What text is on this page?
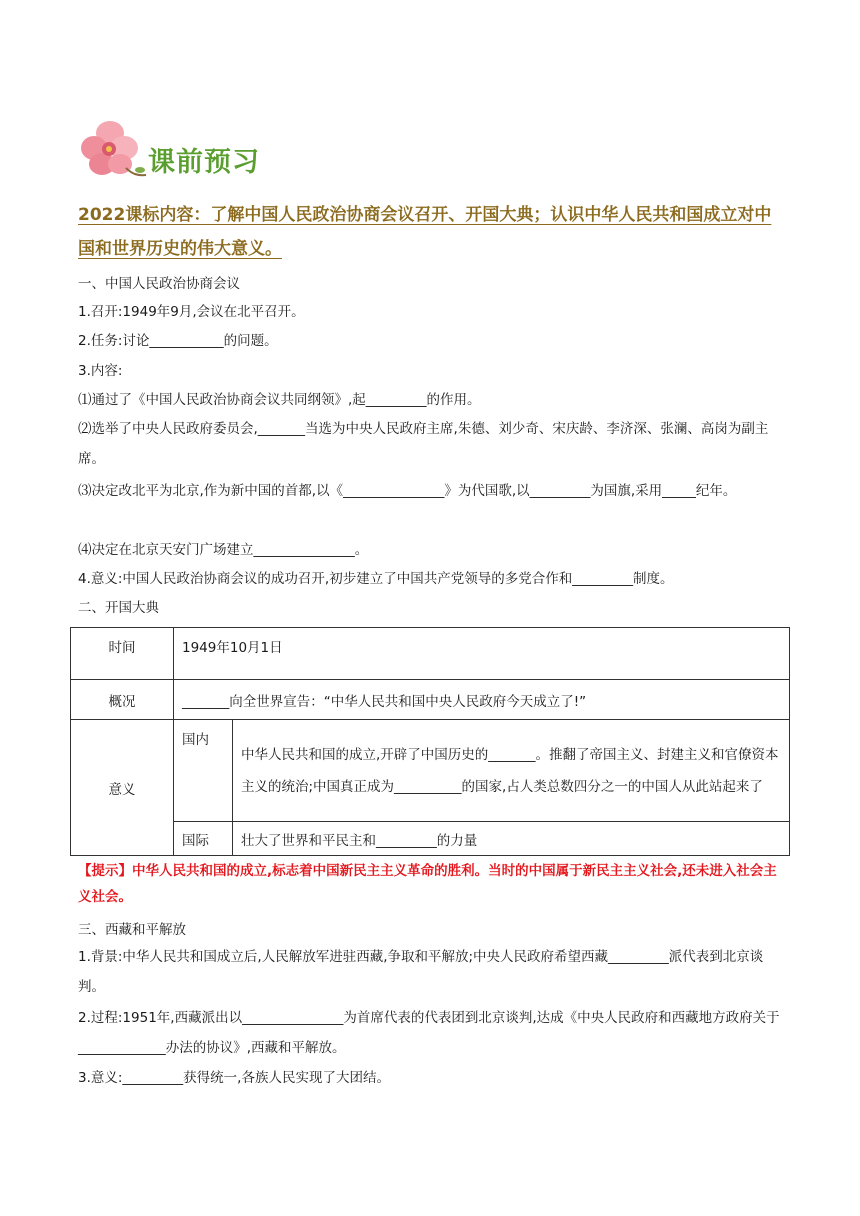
课前预习
2022课标内容：了解中国人民政治协商会议召开、开国大典；认识中华人民共和国成立对中国和世界历史的伟大意义。
一、中国人民政治协商会议
1.召开:1949年9月,会议在北平召开。
2.任务:讨论___________的问题。
3.内容:
⑴通过了《中国人民政治协商会议共同纲领》,起_________的作用。
⑵选举了中央人民政府委员会,_______当选为中央人民政府主席,朱德、刘少奇、宋庆龄、李济深、张澜、高岗为副主席。
⑶决定改北平为北京,作为新中国的首都,以《_______________》为代国歌,以_________为国旗,采用_____纪年。
⑷决定在北京天安门广场建立_______________。
4.意义:中国人民政治协商会议的成功召开,初步建立了中国共产党领导的多党合作和_________制度。
二、开国大典
时间	1949年10月1日	
概况	_______向全世界宣告：“中华人民共和国中央人民政府今天成立了!”	
意义	国内	中华人民共和国的成立,开辟了中国历史的_______。推翻了帝国主义、封建主义和官僚资本主义的统治;中国真正成为__________的国家,占人类总数四分之一的中国人从此站起来了
	国际	壮大了世界和平民主和_________的力量
【提示】中华人民共和国的成立,标志着中国新民主主义革命的胜利。当时的中国属于新民主主义社会,还未进入社会主义社会。
三、西藏和平解放
1.背景:中华人民共和国成立后,人民解放军进驻西藏,争取和平解放;中央人民政府希望西藏_________派代表到北京谈判。
2.过程:1951年,西藏派出以_______________为首席代表的代表团到北京谈判,达成《中央人民政府和西藏地方政府关于_____________办法的协议》,西藏和平解放。
3.意义:_________获得统一,各族人民实现了大团结。
